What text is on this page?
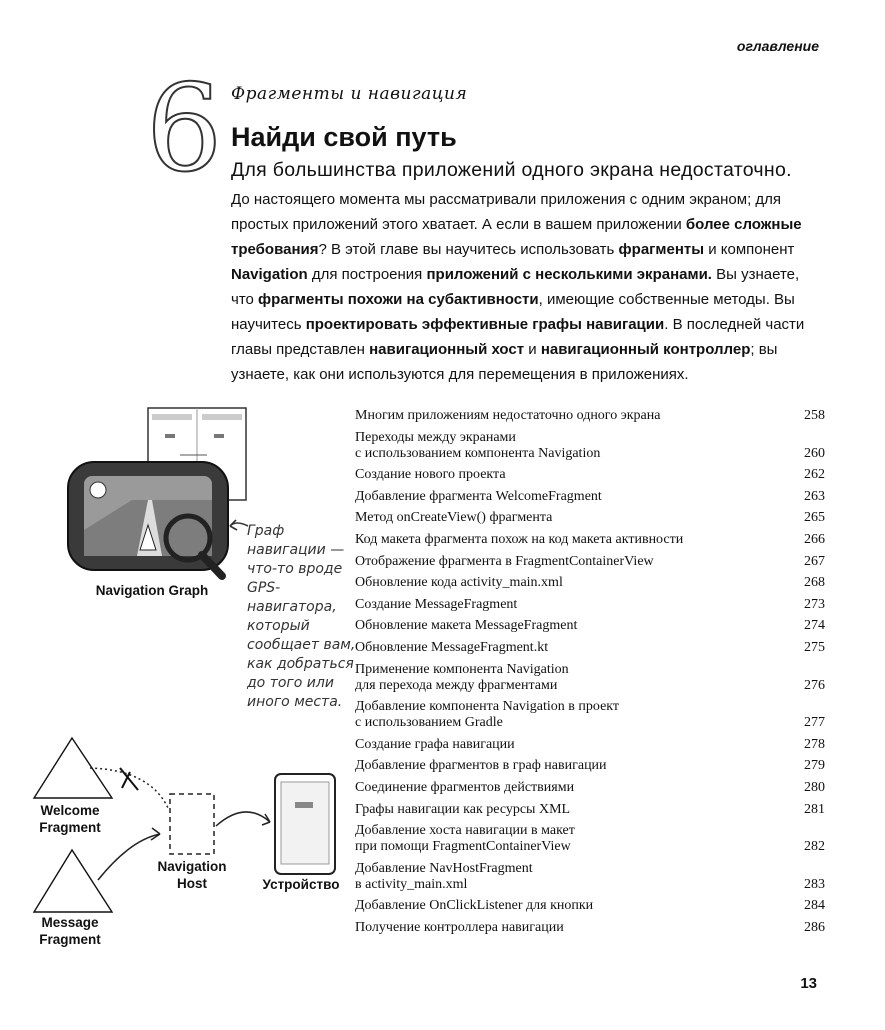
оглавление
6 Фрагменты и навигация
Найди свой путь
Для большинства приложений одного экрана недостаточно.
До настоящего момента мы рассматривали приложения с одним экраном; для простых приложений этого хватает. А если в вашем приложении более сложные требования? В этой главе вы научитесь использовать фрагменты и компонент Navigation для построения приложений с несколькими экранами. Вы узнаете, что фрагменты похожи на субактивности, имеющие собственные методы. Вы научитесь проектировать эффективные графы навигации. В последней части главы представлен навигационный хост и навигационный контроллер; вы узнаете, как они используются для перемещения в приложениях.
Navigation Graph
Граф навигации — что-то вроде GPS-навигатора, который сообщает вам, как добраться до того или иного места.
Welcome Fragment
Message Fragment
Navigation Host	Устройство
Многим приложениям недостаточно одного экрана	258
Переходы между экранами
с использованием компонента Navigation	260
Создание нового проекта	262
Добавление фрагмента WelcomeFragment	263
Метод onCreateView() фрагмента	265
Код макета фрагмента похож на код макета активности	266
Отображение фрагмента в FragmentContainerView	267
Обновление кода activity_main.xml	268
Создание MessageFragment	273
Обновление макета MessageFragment	274
Обновление MessageFragment.kt	275
Применение компонента Navigation
для перехода между фрагментами	276
Добавление компонента Navigation в проект
с использованием Gradle	277
Создание графа навигации	278
Добавление фрагментов в граф навигации	279
Соединение фрагментов действиями	280
Графы навигации как ресурсы XML	281
Добавление хоста навигации в макет
при помощи FragmentContainerView	282
Добавление NavHostFragment
в activity_main.xml	283
Добавление OnClickListener для кнопки	284
Получение контроллера навигации	286
13
